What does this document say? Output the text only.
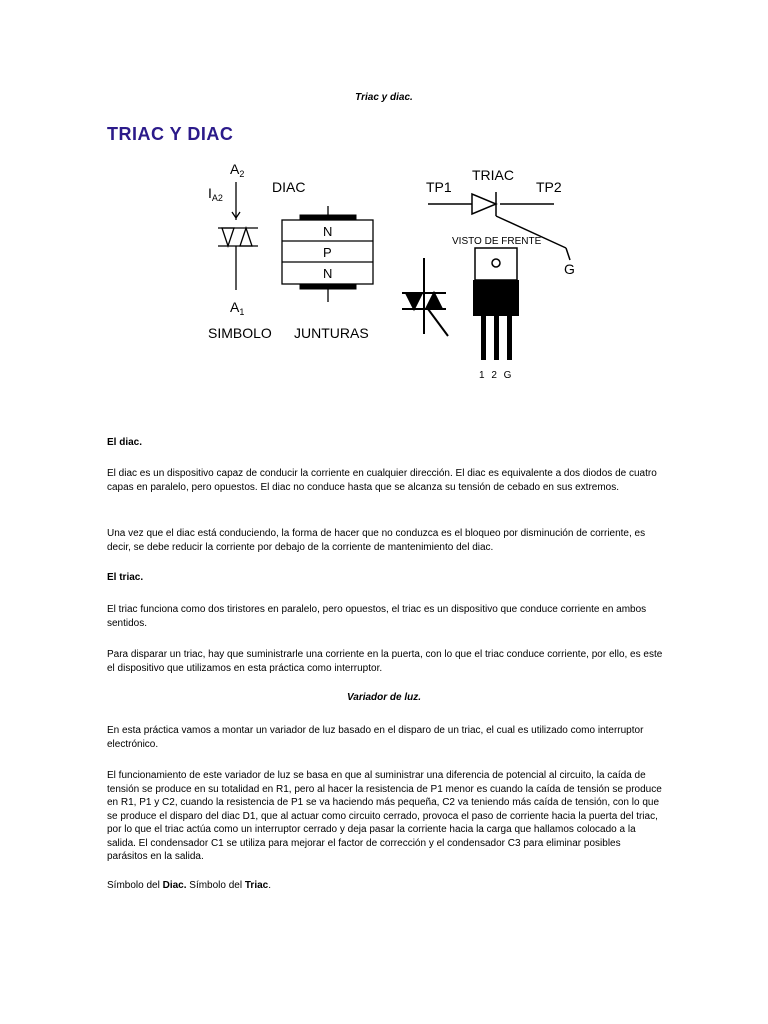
Triac y diac.
TRIAC Y DIAC
$A_2$
$I_{A2}$
$A_1$
SIMBOLO
DIAC
N
P
N
JUNTURAS
TP1
TRIAC
TP2
G
VISTO DE FRENTE
1 2 G
El diac.

El diac es un dispositivo capaz de conducir la corriente en cualquier dirección. El diac es equivalente a dos diodos de cuatro capas en paralelo, pero opuestos. El diac no conduce hasta que se alcanza su tensión de cebado en sus extremos.

Una vez que el diac está conduciendo, la forma de hacer que no conduzca es el bloqueo por disminución de corriente, es decir, se debe reducir la corriente por debajo de la corriente de mantenimiento del diac.

El triac.

El triac funciona como dos tiristores en paralelo, pero opuestos, el triac es un dispositivo que conduce corriente en ambos sentidos.

Para disparar un triac, hay que suministrarle una corriente en la puerta, con lo que el triac conduce corriente, por ello, es este el dispositivo que utilizamos en esta práctica como interruptor.

Variador de luz.

En esta práctica vamos a montar un variador de luz basado en el disparo de un triac, el cual es utilizado como interruptor electrónico.

El funcionamiento de este variador de luz se basa en que al suministrar una diferencia de potencial al circuito, la caída de tensión se produce en su totalidad en R1, pero al hacer la resistencia de P1 menor es cuando la caída de tensión se produce en R1, P1 y C2, cuando la resistencia de P1 se va haciendo más pequeña, C2 va teniendo más caída de tensión, con lo que se produce el disparo del diac D1, que al actuar como circuito cerrado, provoca el paso de corriente hacia la puerta del triac, por lo que el triac actúa como un interruptor cerrado y deja pasar la corriente hacia la carga que hallamos colocado a la salida. El condensador C1 se utiliza para mejorar el factor de corrección y el condensador C3 para eliminar posibles parásitos en la salida.

Símbolo del Diac. Símbolo del Triac.
